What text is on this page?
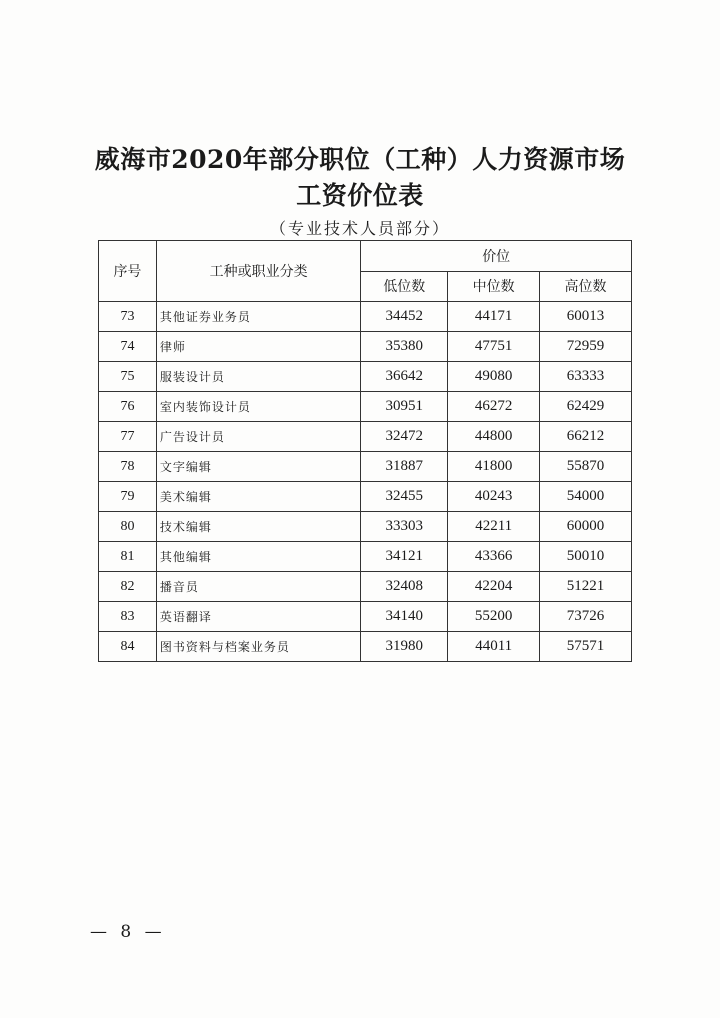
威海市2020年部分职位（工种）人力资源市场
工资价位表
（专业技术人员部分）
序号	工种或职业分类	价位		
		低位数	中位数	高位数
73	其他证券业务员	34452	44171	60013
74	律师	35380	47751	72959
75	服装设计员	36642	49080	63333
76	室内装饰设计员	30951	46272	62429
77	广告设计员	32472	44800	66212
78	文字编辑	31887	41800	55870
79	美术编辑	32455	40243	54000
80	技术编辑	33303	42211	60000
81	其他编辑	34121	43366	50010
82	播音员	32408	42204	51221
83	英语翻译	34140	55200	73726
84	图书资料与档案业务员	31980	44011	57571
— 8 —
